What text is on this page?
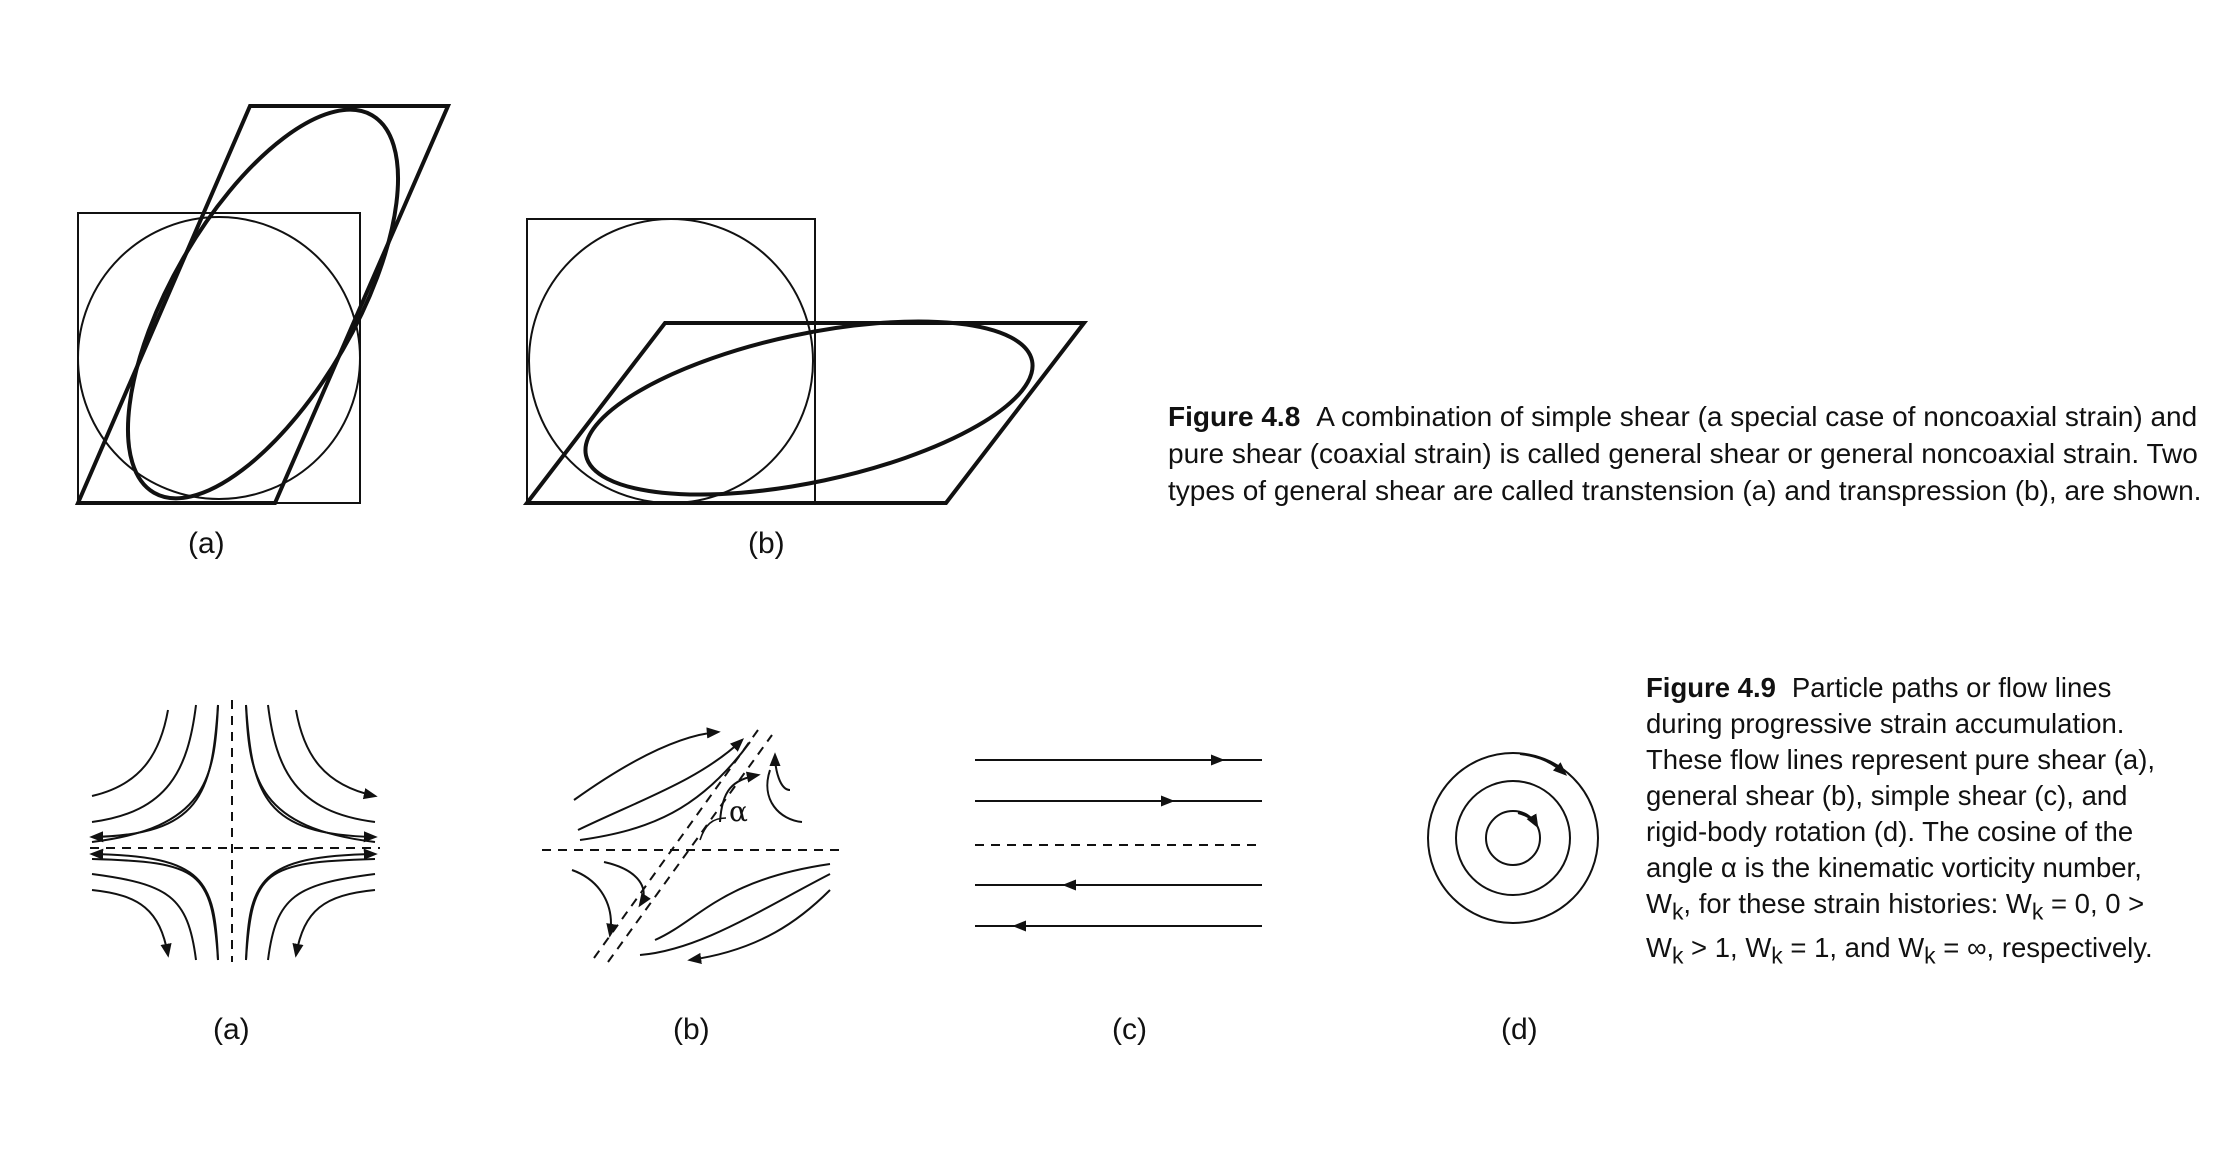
(a)	(b)
Figure 4.8 A combination of simple shear (a special case of noncoaxial strain) and pure shear (coaxial strain) is called general shear or general noncoaxial strain. Two types of general shear are called transtension (a) and transpression (b), are shown.
(a)	(b)	(c)	(d)
α
Figure 4.9 Particle paths or flow lines
during progressive strain accumulation.
These flow lines represent pure shear (a),
general shear (b), simple shear (c), and
rigid-body rotation (d). The cosine of the
angle α is the kinematic vorticity number,
$W_k$, for these strain histories: $W_k = 0$, 0 >
$W_k > 1$, $W_k = 1$, and $W_k$ = ∞, respectively.
